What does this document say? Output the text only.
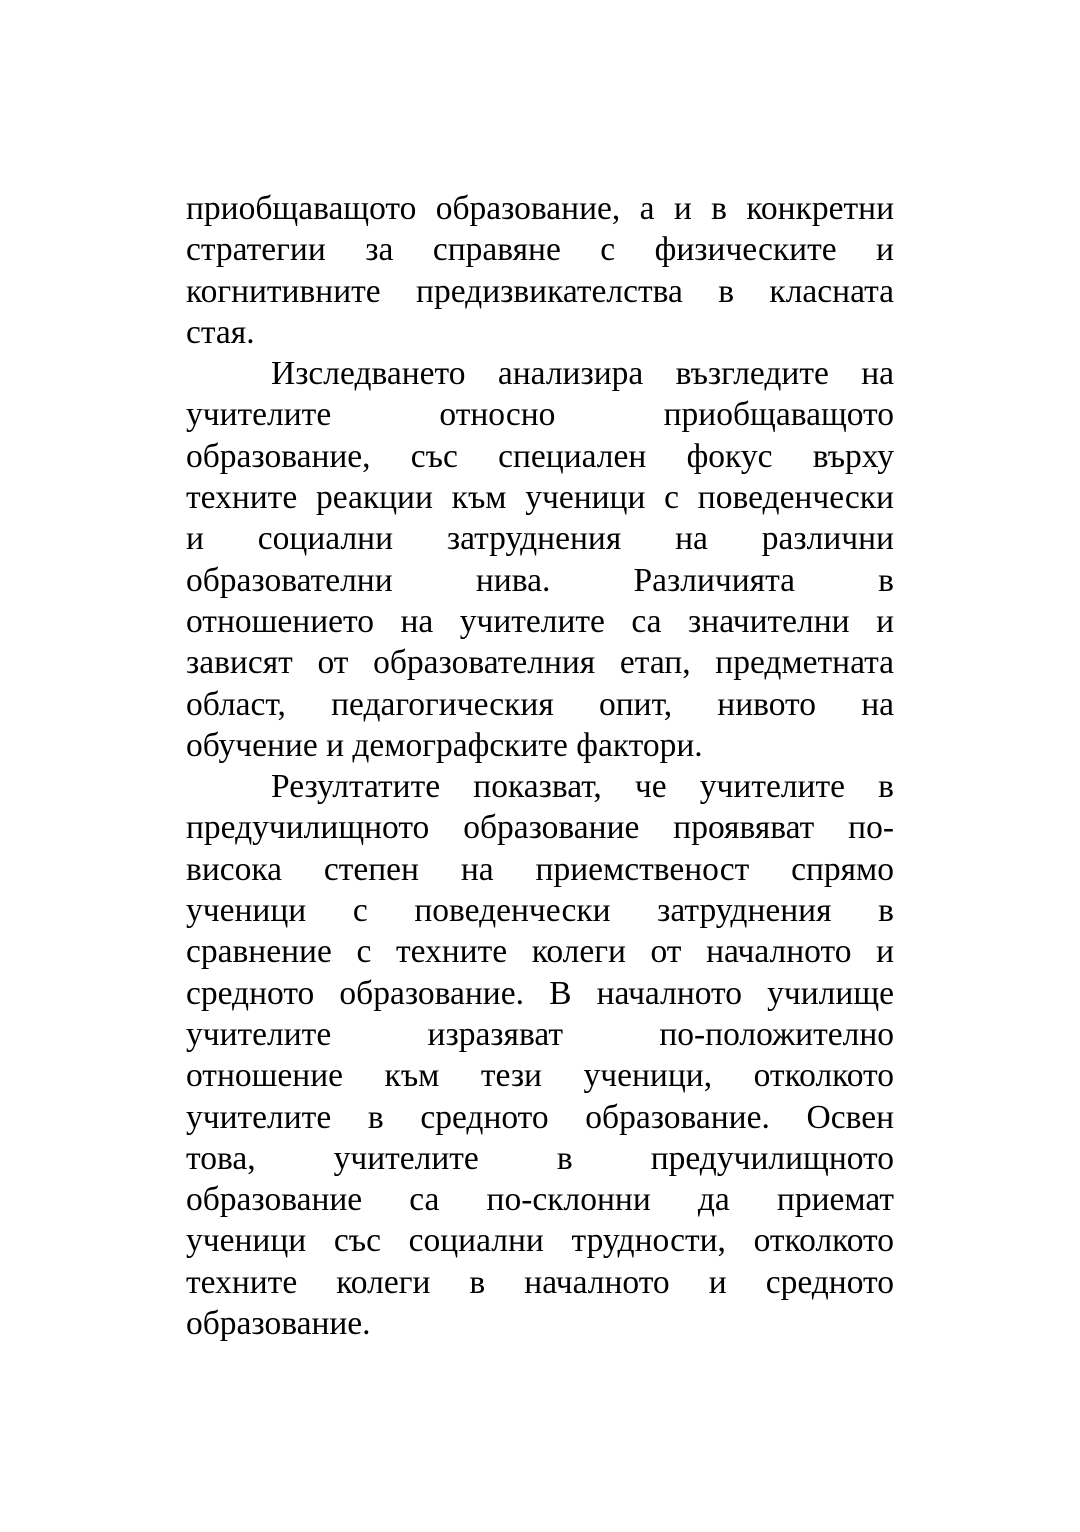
приобщаващото образование, а и в конкретни
стратегии за справяне с физическите и
когнитивните предизвикателства в класната
стая.
Изследването анализира възгледите на
учителите относно приобщаващото
образование, със специален фокус върху
техните реакции към ученици с поведенчески
и социални затруднения на различни
образователни нива. Различията в
отношението на учителите са значителни и
зависят от образователния етап, предметната
област, педагогическия опит, нивото на
обучение и демографските фактори.
Резултатите показват, че учителите в
предучилищното образование проявяват по-
висока степен на приемственост спрямо
ученици с поведенчески затруднения в
сравнение с техните колеги от началното и
средното образование. В началното училище
учителите изразяват по-положително
отношение към тези ученици, отколкото
учителите в средното образование. Освен
това, учителите в предучилищното
образование са по-склонни да приемат
ученици със социални трудности, отколкото
техните колеги в началното и средното
образование.
